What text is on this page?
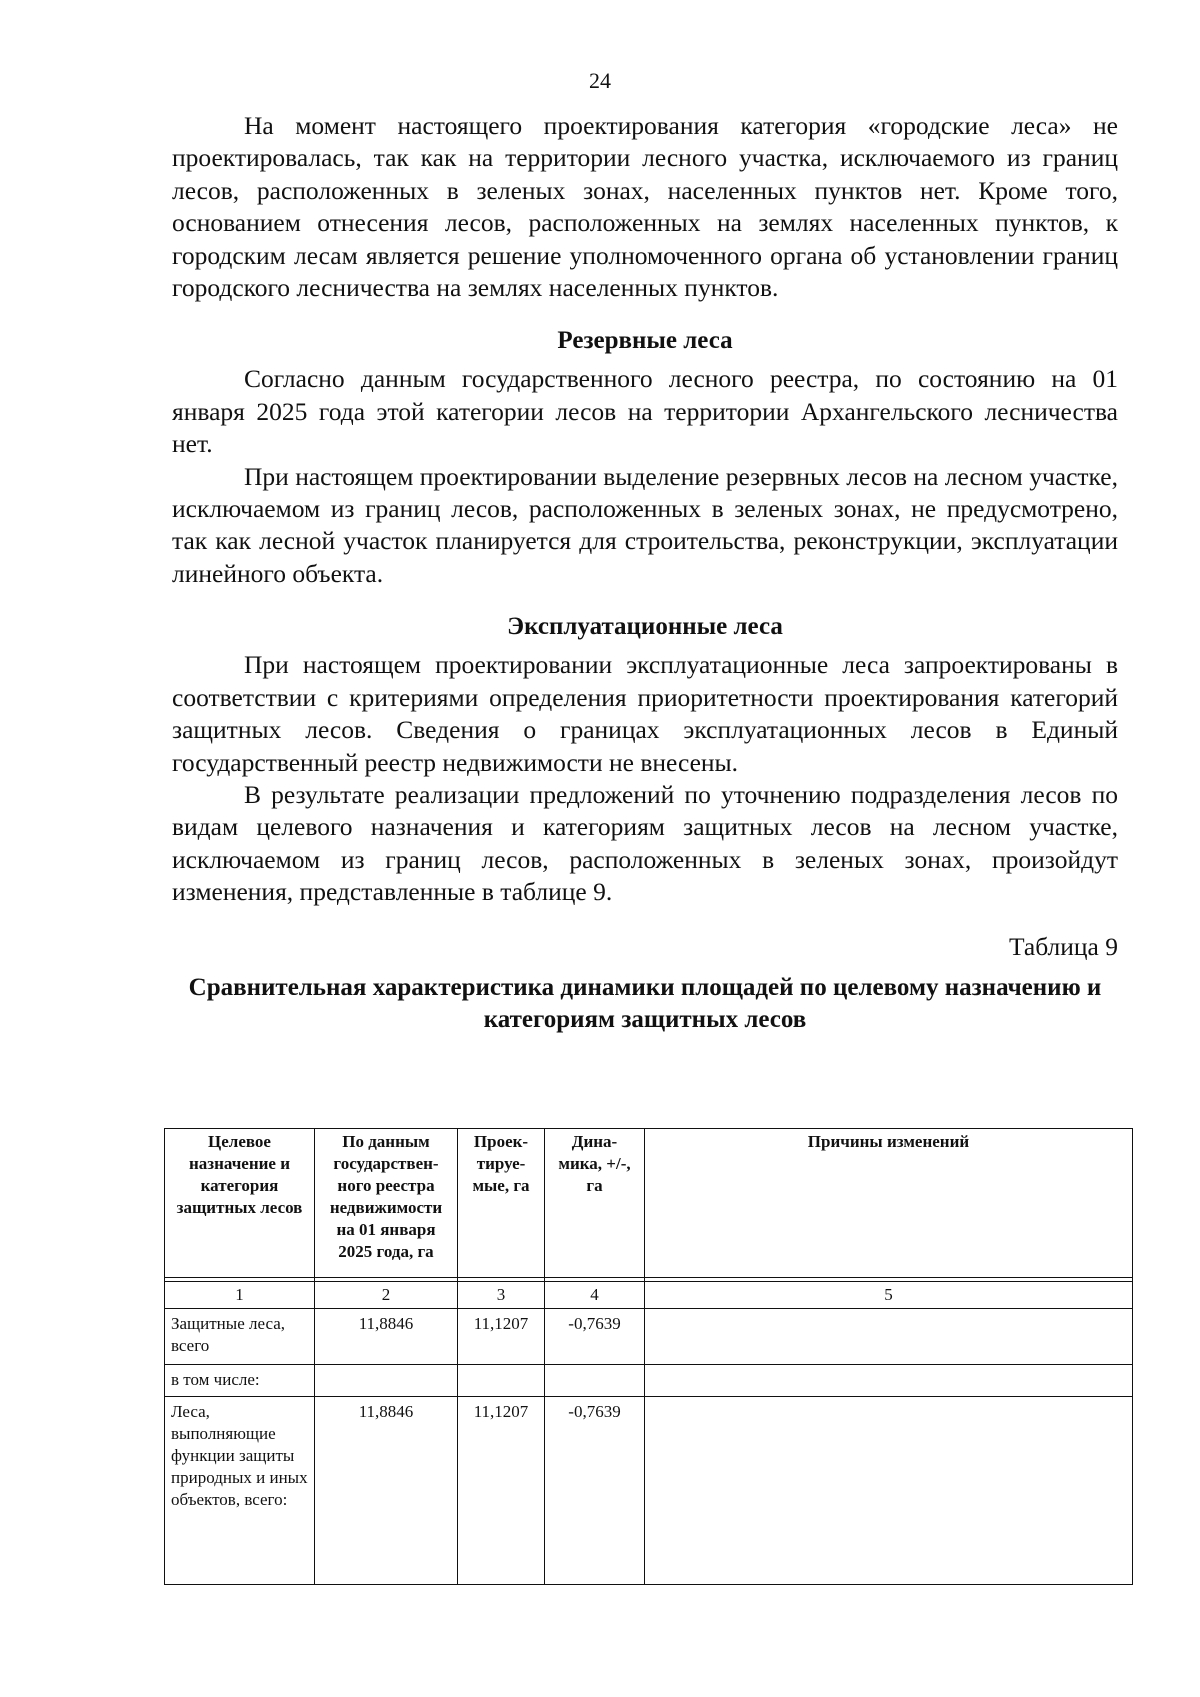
24

На момент настоящего проектирования категория «городские леса» не проектировалась, так как на территории лесного участка, исключаемого из границ лесов, расположенных в зеленых зонах, населенных пунктов нет. Кроме того, основанием отнесения лесов, расположенных на землях населенных пунктов, к городским лесам является решение уполномоченного органа об установлении границ городского лесничества на землях населенных пунктов.

Резервные леса

Согласно данным государственного лесного реестра, по состоянию на 01 января 2025 года этой категории лесов на территории Архангельского лесничества нет.

При настоящем проектировании выделение резервных лесов на лесном участке, исключаемом из границ лесов, расположенных в зеленых зонах, не предусмотрено, так как лесной участок планируется для строительства, реконструкции, эксплуатации линейного объекта.

Эксплуатационные леса

При настоящем проектировании эксплуатационные леса запроектированы в соответствии с критериями определения приоритетности проектирования категорий защитных лесов. Сведения о границах эксплуатационных лесов в Единый государственный реестр недвижимости не внесены.

В результате реализации предложений по уточнению подразделения лесов по видам целевого назначения и категориям защитных лесов на лесном участке, исключаемом из границ лесов, расположенных в зеленых зонах, произойдут изменения, представленные в таблице 9.

Таблица 9
Сравнительная характеристика динамики площадей по целевому назначению и категориям защитных лесов
Целевое назначение и категория защитных лесов	По данным государствен-ного реестра недвижимости на 01 января 2025 года, га	Проек-тируе-мые, га	Дина-мика, +/-, га	Причины изменений

1	2	3	4	5
Защитные леса, всего	11,8846	11,1207	-0,7639	
в том числе:				
Леса, выполняющие функции защиты природных и иных объектов, всего:	11,8846	11,1207	-0,7639	
